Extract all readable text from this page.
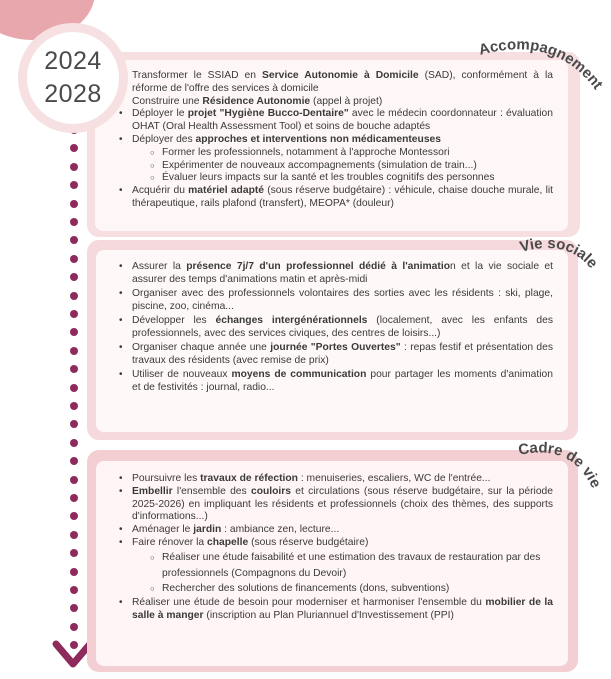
2024
2028
Accompagnement
• Transformer le SSIAD en Service Autonomie à Domicile (SAD), conformément à la réforme de l'offre des services à domicile
• Construire une Résidence Autonomie (appel à projet)
• Déployer le projet "Hygiène Bucco-Dentaire" avec le médecin coordonnateur : évaluation OHAT (Oral Health Assessment Tool) et soins de bouche adaptés
• Déployer des approches et interventions non médicamenteuses
○ Former les professionnels, notamment à l'approche Montessori
○ Expérimenter de nouveaux accompagnements (simulation de train...)
○ Évaluer leurs impacts sur la santé et les troubles cognitifs des personnes
• Acquérir du matériel adapté (sous réserve budgétaire) : véhicule, chaise douche murale, lit thérapeutique, rails plafond (transfert), MEOPA* (douleur)
Vie sociale
• Assurer la présence 7j/7 d'un professionnel dédié à l'animation et la vie sociale et assurer des temps d'animations matin et après-midi
• Organiser avec des professionnels volontaires des sorties avec les résidents : ski, plage, piscine, zoo, cinéma...
• Développer les échanges intergénérationnels (localement, avec les enfants des professionnels, avec des services civiques, des centres de loisirs...)
• Organiser chaque année une journée "Portes Ouvertes" : repas festif et présentation des travaux des résidents (avec remise de prix)
• Utiliser de nouveaux moyens de communication pour partager les moments d'animation et de festivités : journal, radio...
Cadre de vie
• Poursuivre les travaux de réfection : menuiseries, escaliers, WC de l'entrée...
• Embellir l'ensemble des couloirs et circulations (sous réserve budgétaire, sur la période 2025-2026) en impliquant les résidents et professionnels (choix des thèmes, des supports d'informations...)
• Aménager le jardin : ambiance zen, lecture...
• Faire rénover la chapelle (sous réserve budgétaire)
○ Réaliser une étude faisabilité et une estimation des travaux de restauration par des professionnels (Compagnons du Devoir)
○ Rechercher des solutions de financements (dons, subventions)
• Réaliser une étude de besoin pour moderniser et harmoniser l'ensemble du mobilier de la salle à manger (inscription au Plan Pluriannuel d'Investissement (PPI)
